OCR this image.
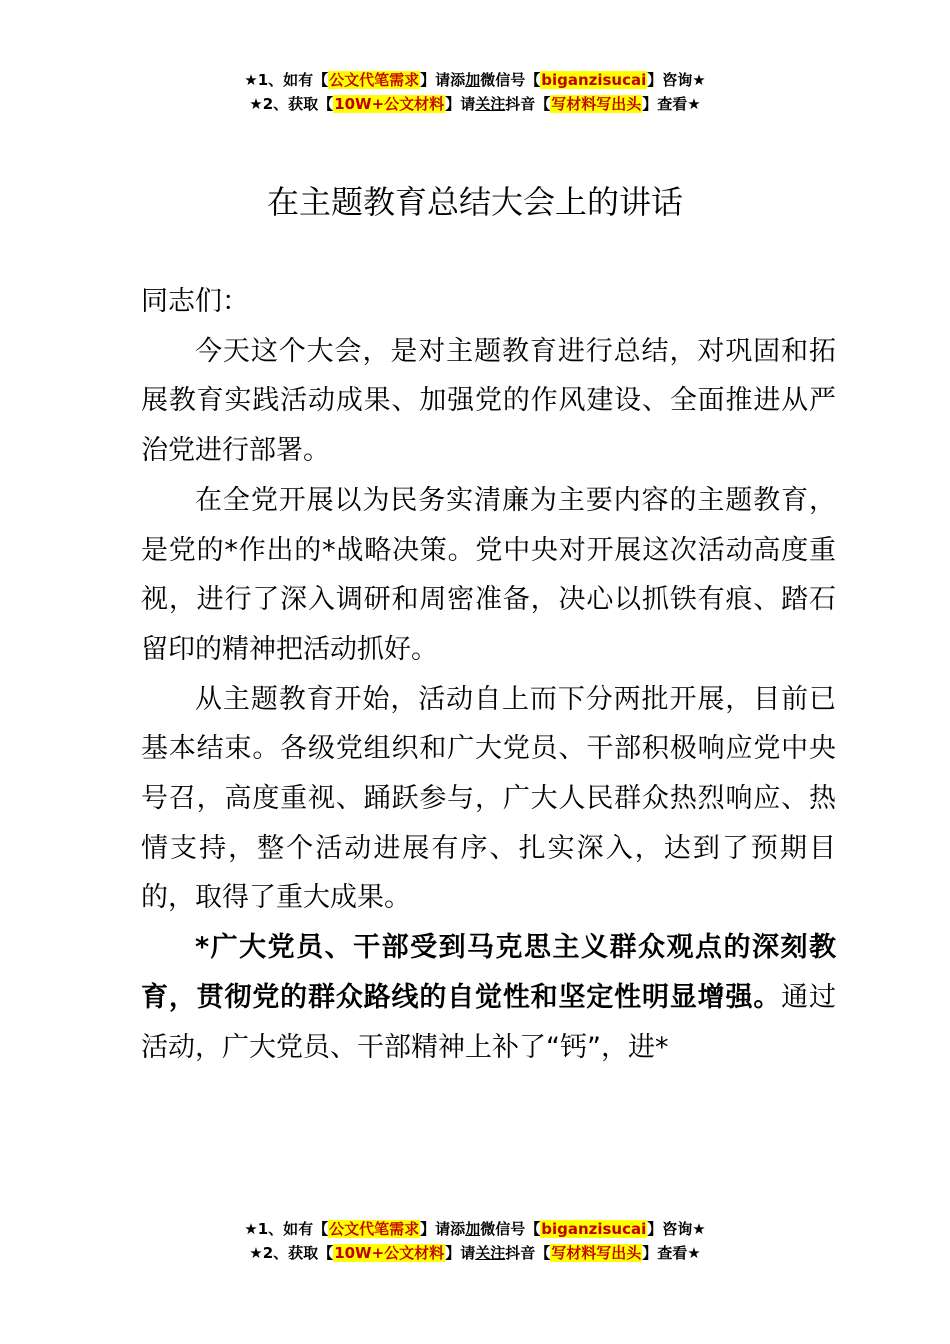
★1、如有【公文代笔需求】请添加微信号【biganzisucai】咨询★
★2、获取【10W+公文材料】请关注抖音【写材料写出头】查看★
在主题教育总结大会上的讲话

同志们：

今天这个大会，是对主题教育进行总结，对巩固和拓展教育实践活动成果、加强党的作风建设、全面推进从严治党进行部署。

在全党开展以为民务实清廉为主要内容的主题教育，是党的*作出的*战略决策。党中央对开展这次活动高度重视，进行了深入调研和周密准备，决心以抓铁有痕、踏石留印的精神把活动抓好。

从主题教育开始，活动自上而下分两批开展，目前已基本结束。各级党组织和广大党员、干部积极响应党中央号召，高度重视、踊跃参与，广大人民群众热烈响应、热情支持，整个活动进展有序、扎实深入，达到了预期目的，取得了重大成果。

*广大党员、干部受到马克思主义群众观点的深刻教育，贯彻党的群众路线的自觉性和坚定性明显增强。通过活动，广大党员、干部精神上补了“钙”，进*

★1、如有【公文代笔需求】请添加微信号【biganzisucai】咨询★
★2、获取【10W+公文材料】请关注抖音【写材料写出头】查看★
